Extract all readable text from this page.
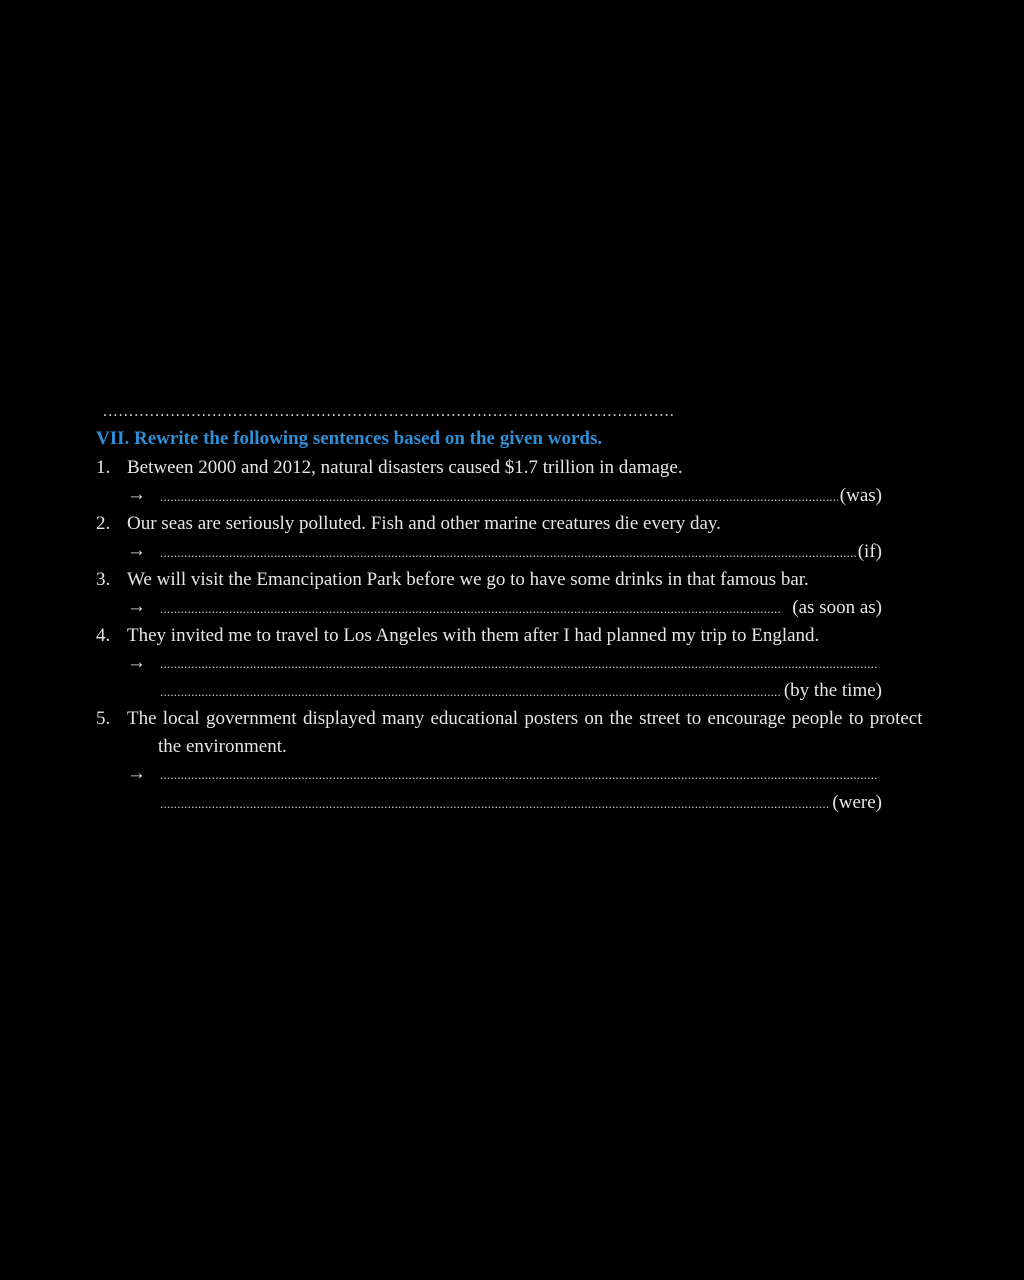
..............................................................................................................
VII. Rewrite the following sentences based on the given words.
1. Between 2000 and 2012, natural disasters caused $1.7 trillion in damage.
→ .....	(was)
2. Our seas are seriously polluted. Fish and other marine creatures die every day.
→ .....	(if)
3. We will visit the Emancipation Park before we go to have some drinks in that famous bar.
→ .....	(as soon as)
4. They invited me to travel to Los Angeles with them after I had planned my trip to England.
→
.....
.....
(by the time)
5. The local government displayed many educational posters on the street to encourage people to protect
the environment.
→
.....
.....
(were)
